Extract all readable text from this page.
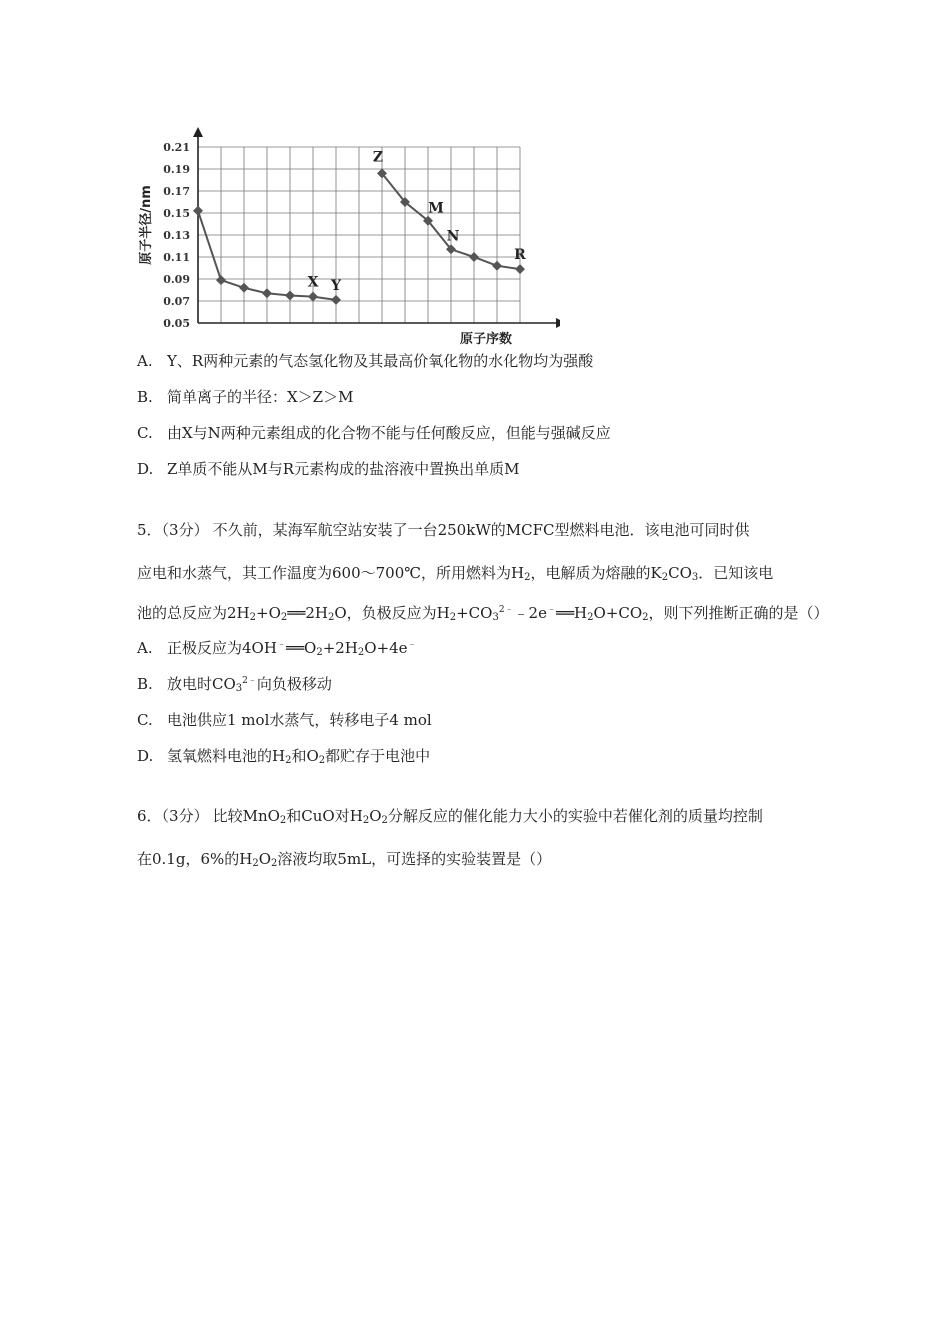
0.21
0.19
0.17
0.15
0.13
0.11
0.09
0.07
0.05
原子序数
原子半径/nm
X Y
Z
M
N
R
A. Y、R两种元素的气态氢化物及其最高价氧化物的水化物均为强酸
B. 简单离子的半径：X＞Z＞M
C. 由X与N两种元素组成的化合物不能与任何酸反应，但能与强碱反应
D. Z单质不能从M与R元素构成的盐溶液中置换出单质M
5．（3分） 不久前，某海军航空站安装了一台250kW的MCFC型燃料电池．该电池可同时供
应电和水蒸气，其工作温度为600～700℃，所用燃料为$H_2$，电解质为熔融的$K_2CO_3$．已知该电
池的总反应为$2H_2+O_2══2H_2O$，负极反应为$H_2+CO_3^{2﹣}﹣2e^﹣══H_2O+CO_2$，则下列推断正确的是（）
A. 正极反应为$4OH^﹣══O_2+2H_2O+4e^﹣$
B. 放电时$CO_3^{2﹣}$向负极移动
C. 电池供应1 mol水蒸气，转移电子4 mol
D. 氢氧燃料电池的$H_2$和$O_2$都贮存于电池中
6．（3分） 比较MnO$_2$和CuO对$H_2O_2$分解反应的催化能力大小的实验中若催化剂的质量均控制
在0.1g，6%的$H_2O_2$溶液均取5mL，可选择的实验装置是（）
